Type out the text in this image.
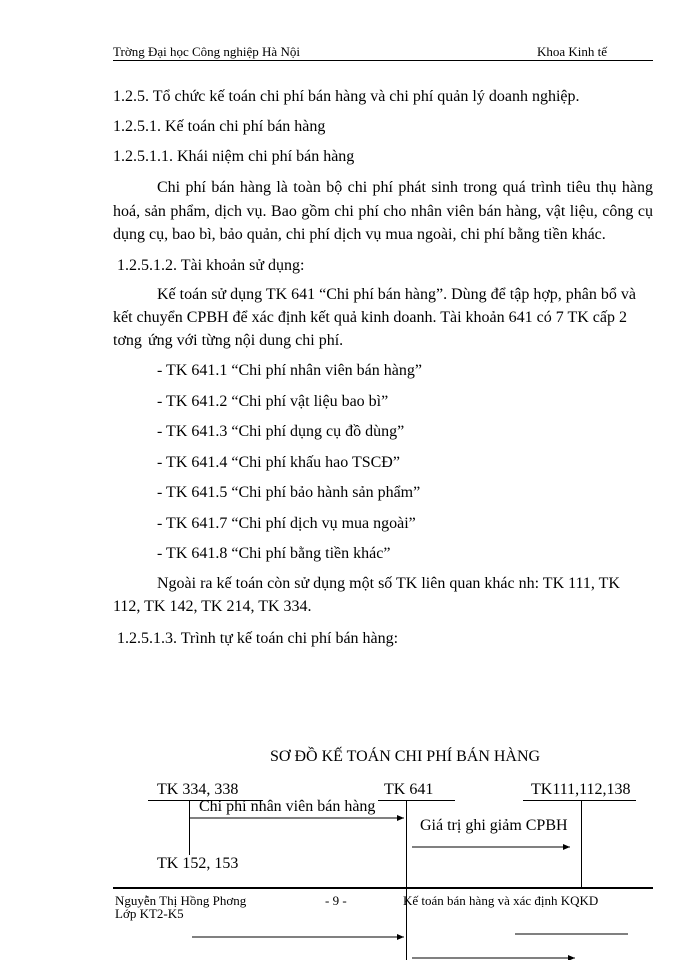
Trờng Đại học Công nghiệp Hà Nội	Khoa Kinh tế
1.2.5. Tổ chức kế toán chi phí bán hàng và chi phí quản lý doanh nghiệp.
1.2.5.1. Kế toán chi phí bán hàng
1.2.5.1.1. Khái niệm chi phí bán hàng
Chi phí bán hàng là toàn bộ chi phí phát sinh trong quá trình tiêu thụ hàng hoá, sản phẩm, dịch vụ. Bao gồm chi phí cho nhân viên bán hàng, vật liệu, công cụ dụng cụ, bao bì, bảo quản, chi phí dịch vụ mua ngoài, chi phí bằng tiền khác.
1.2.5.1.2. Tài khoản sử dụng:
Kế toán sử dụng TK 641 “Chi phí bán hàng”. Dùng để tập hợp, phân bổ và
kết chuyển CPBH để xác định kết quả kinh doanh. Tài khoản 641 có 7 TK cấp 2
tơng ứng với từng nội dung chi phí.
- TK 641.1 “Chi phí nhân viên bán hàng”
- TK 641.2 “Chi phí vật liệu bao bì”
- TK 641.3 “Chi phí dụng cụ đồ dùng”
- TK 641.4 “Chi phí khấu hao TSCĐ”
- TK 641.5 “Chi phí bảo hành sản phẩm”
- TK 641.7 “Chi phí dịch vụ mua ngoài”
- TK 641.8 “Chi phí bằng tiền khác”
Ngoài ra kế toán còn sử dụng một số TK liên quan khác nh: TK 111, TK
112, TK 142, TK 214, TK 334.
1.2.5.1.3. Trình tự kế toán chi phí bán hàng:
SƠ ĐỒ KẾ TOÁN CHI PHÍ BÁN HÀNG
TK 334, 338	TK 641	TK111,112,138
Chi phí nhân viên bán hàng
Giá trị ghi giảm CPBH
TK 152, 153
Nguyễn Thị Hồng Phơng
Lớp KT2-K5
- 9 -	Kế toán bán hàng và xác định KQKD
